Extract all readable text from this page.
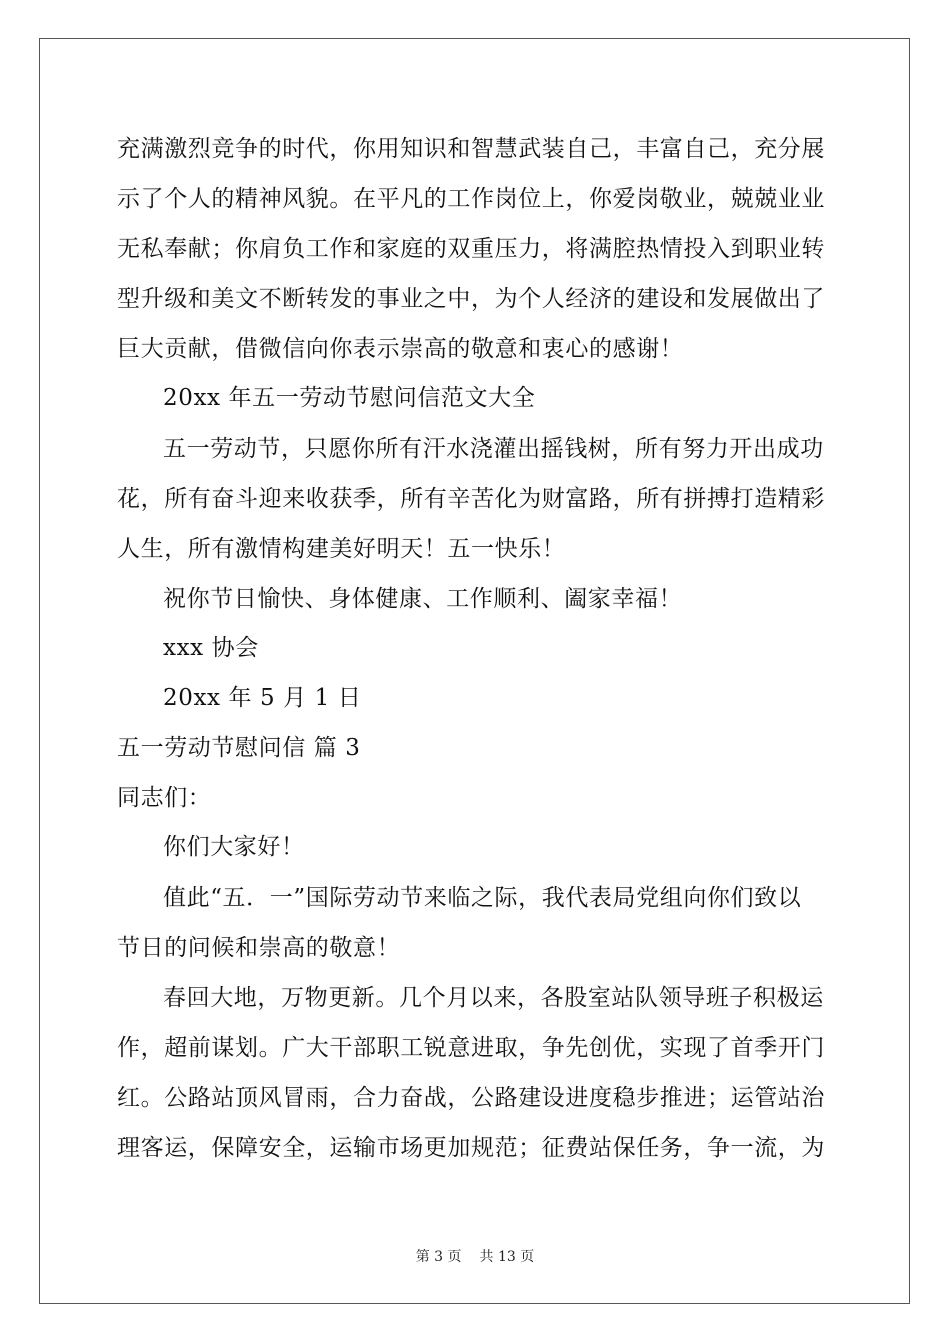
充满激烈竞争的时代，你用知识和智慧武装自己，丰富自己，充分展
示了个人的精神风貌。在平凡的工作岗位上，你爱岗敬业，兢兢业业
无私奉献；你肩负工作和家庭的双重压力，将满腔热情投入到职业转
型升级和美文不断转发的事业之中，为个人经济的建设和发展做出了
巨大贡献，借微信向你表示崇高的敬意和衷心的感谢！
20xx 年五一劳动节慰问信范文大全
五一劳动节，只愿你所有汗水浇灌出摇钱树，所有努力开出成功
花，所有奋斗迎来收获季，所有辛苦化为财富路，所有拼搏打造精彩
人生，所有激情构建美好明天！五一快乐！
祝你节日愉快、身体健康、工作顺利、阖家幸福！
xxx 协会
20xx 年 5 月 1 日
五一劳动节慰问信 篇 3
同志们：
你们大家好！
值此“五．一”国际劳动节来临之际，我代表局党组向你们致以
节日的问候和崇高的敬意！
春回大地，万物更新。几个月以来，各股室站队领导班子积极运
作，超前谋划。广大干部职工锐意进取，争先创优，实现了首季开门
红。公路站顶风冒雨，合力奋战，公路建设进度稳步推进；运管站治
理客运，保障安全，运输市场更加规范；征费站保任务，争一流，为
第 3 页 共 13 页
